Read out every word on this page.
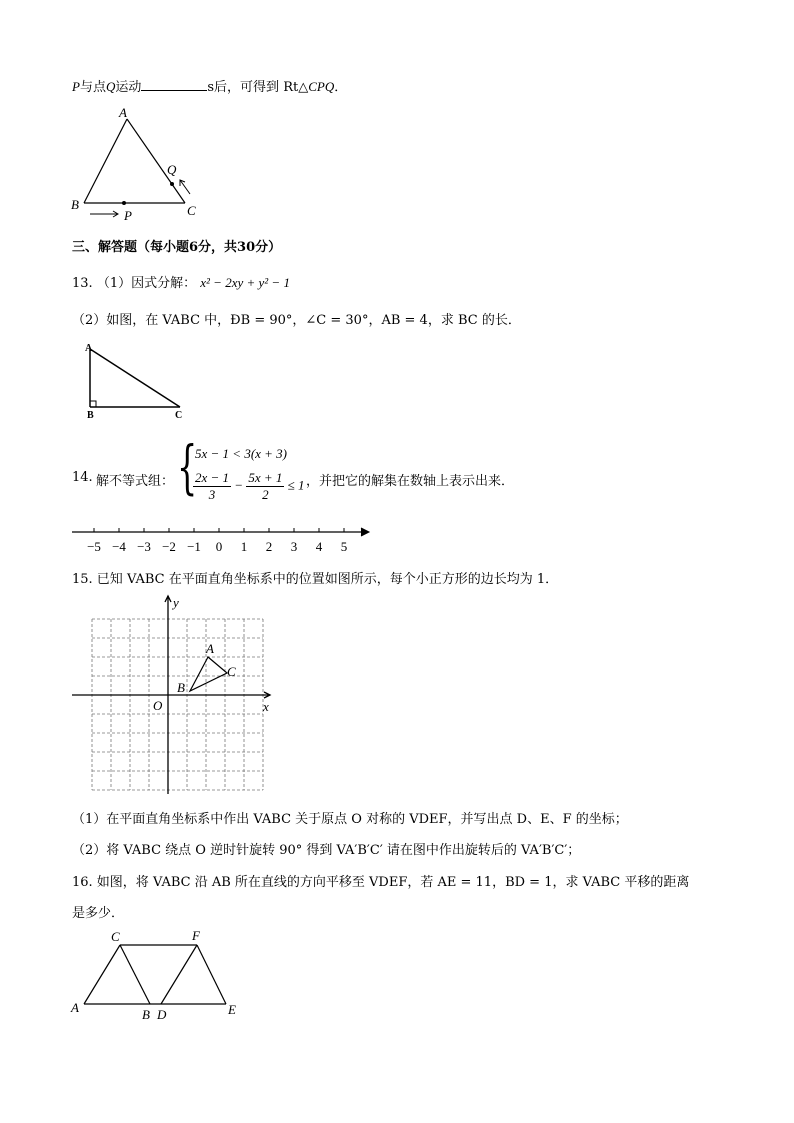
P与点Q运动	s后，可得到 Rt△CPQ．
A
B	C
Q
P
三、解答题（每小题6分，共30分）
13. （1）因式分解： x² − 2xy + y² − 1
（2）如图，在 VABC 中，ÐB = 90°，∠C = 30°，AB = 4，求 BC 的长．
A
B	C
14. 解不等式组： {
5x − 1 < 3(x + 3)
$\frac{2x - 1}{3} - \frac{5x + 1}{2} \le 1$ ，并把它的解集在数轴上表示出来．
−5 −4 −3 −2 −1 0 1 2 3 4 5
15. 已知 VABC 在平面直角坐标系中的位置如图所示，每个小正方形的边长均为 1．
y
x
O
A
B
C
（1）在平面直角坐标系中作出 VABC 关于原点 O 对称的 VDEF，并写出点 D、E、F 的坐标；
（2）将 VABC 绕点 O 逆时针旋转 90° 得到 VA′B′C′ 请在图中作出旋转后的 VA′B′C′；
16. 如图，将 VABC 沿 AB 所在直线的方向平移至 VDEF，若 AE = 11，BD = 1，求 VABC 平移的距离
是多少．
C	F
A	B D	E
